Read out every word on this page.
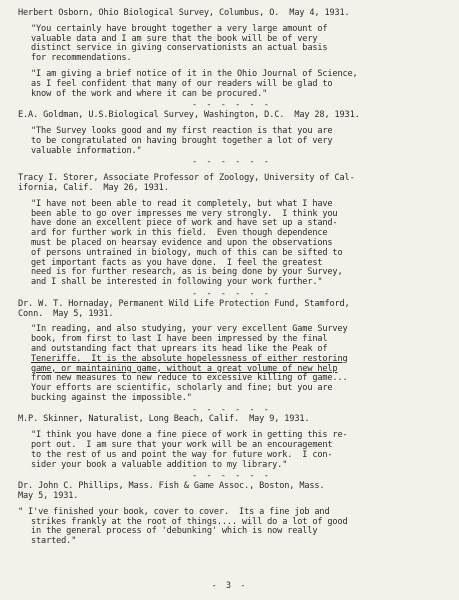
Herbert Osborn, Ohio Biological Survey, Columbus, O.  May 4, 1931.

"You certainly have brought together a very large amount of

valuable data and I am sure that the book will be of very

distinct service in giving conservationists an actual basis

for recommendations.

"I am giving a brief notice of it in the Ohio Journal of Science,

as I feel confident that many of our readers will be glad to

know of the work and where it can be procured."

- - - - - -

E.A. Goldman, U.S.Biological Survey, Washington, D.C.  May 28, 1931.

"The Survey looks good and my first reaction is that you are

to be congratulated on having brought together a lot of very

valuable information."

- - - - - -

Tracy I. Storer, Associate Professor of Zoology, University of Cal-

ifornia, Calif.  May 26, 1931.

"I have not been able to read it completely, but what I have

been able to go over impresses me very strongly.  I think you

have done an excellent piece of work and have set up a stand-

ard for further work in this field.  Even though dependence

must be placed on hearsay evidence and upon the observations

of persons untrained in biology, much of this can be sifted to

get important facts as you have done.  I feel the greatest

need is for further research, as is being done by your Survey,

and I shall be interested in following your work further."

- - - - - -

Dr. W. T. Hornaday, Permanent Wild Life Protection Fund, Stamford,

Conn.  May 5, 1931.

"In reading, and also studying, your very excellent Game Survey

book, from first to last I have been impressed by the final

and outstanding fact that uprears its head like the Peak of

Teneriffe.  It is the absolute hopelessness of either restoring

game, or maintaining game, without a great volume of new help

from new measures to new reduce to excessive killing of game...

Your efforts are scientific, scholarly and fine; but you are

bucking against the impossible."

- - - - - -

M.P. Skinner, Naturalist, Long Beach, Calif.  May 9, 1931.

"I think you have done a fine piece of work in getting this re-

port out.  I am sure that your work will be an encouragement

to the rest of us and point the way for future work.  I con-

sider your book a valuable addition to my library."

- - - - - -

Dr. John C. Phillips, Mass. Fish & Game Assoc., Boston, Mass.

May 5, 1931.

" I've finished your book, cover to cover.  Its a fine job and

strikes frankly at the root of things.... will do a lot of good

in the general process of 'debunking' which is now really

started."

- 3 -
